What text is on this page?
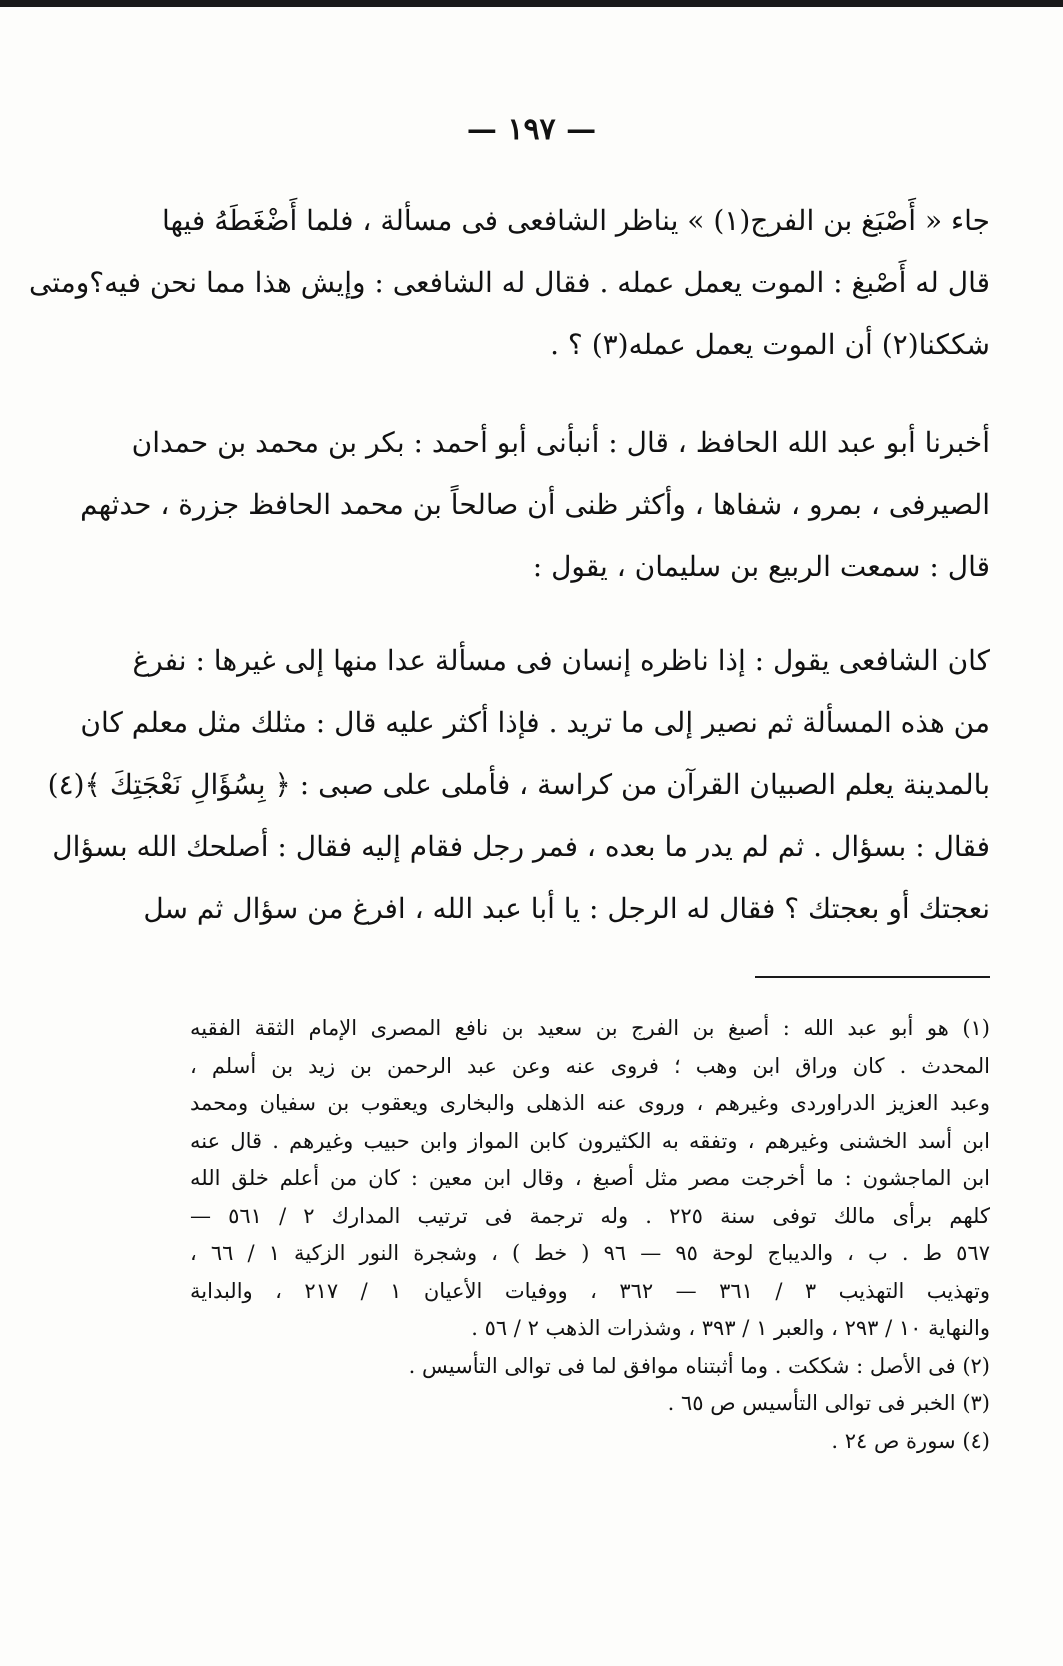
— ١٩٧ —
جاء « أَصْبَغ بن الفرج(١) » يناظر الشافعى فى مسألة ، فلما أَضْغَطَهُ فيها
قال له أَصْبغ : الموت يعمل عمله . فقال له الشافعى : وإيش هذا مما نحن فيه؟ومتى
شككنا(٢) أن الموت يعمل عمله(٣) ؟ .
أخبرنا أبو عبد الله الحافظ ، قال : أنبأنى أبو أحمد : بكر بن محمد بن حمدان
الصيرفى ، بمرو ، شفاها ، وأكثر ظنى أن صالحاً بن محمد الحافظ جزرة ، حدثهم
قال : سمعت الربيع بن سليمان ، يقول :
كان الشافعى يقول : إذا ناظره إنسان فى مسألة عدا منها إلى غيرها : نفرغ
من هذه المسألة ثم نصير إلى ما تريد . فإذا أكثر عليه قال : مثلك مثل معلم كان
بالمدينة يعلم الصبيان القرآن من كراسة ، فأملى على صبى : ﴿ بِسُؤَالِ نَعْجَتِكَ ﴾(٤)
فقال : بسؤال . ثم لم يدر ما بعده ، فمر رجل فقام إليه فقال : أصلحك الله بسؤال
نعجتك أو بعجتك ؟ فقال له الرجل : يا أبا عبد الله ، افرغ من سؤال ثم سل
(١) هو أبو عبد الله : أصبغ بن الفرج بن سعيد بن نافع المصرى الإمام الثقة الفقيه
المحدث . كان وراق ابن وهب ؛ فروى عنه وعن عبد الرحمن بن زيد بن أسلم ،
وعبد العزيز الدراوردى وغيرهم ، وروى عنه الذهلى والبخارى ويعقوب بن سفيان ومحمد
ابن أسد الخشنى وغيرهم ، وتفقه به الكثيرون كابن المواز وابن حبيب وغيرهم . قال عنه
ابن الماجشون : ما أخرجت مصر مثل أصبغ ، وقال ابن معين : كان من أعلم خلق الله
كلهم برأى مالك توفى سنة ٢٢٥ . وله ترجمة فى ترتيب المدارك ٢ / ٥٦١ —
٥٦٧ ط . ب ، والديباج لوحة ٩٥ — ٩٦ ( خط ) ، وشجرة النور الزكية ١ / ٦٦ ،
وتهذيب التهذيب ٣ / ٣٦١ — ٣٦٢ ، ووفيات الأعيان ١ / ٢١٧ ، والبداية
والنهاية ١٠ / ٢٩٣ ، والعبر ١ / ٣٩٣ ، وشذرات الذهب ٢ / ٥٦ .
(٢) فى الأصل : شككت . وما أثبتناه موافق لما فى توالى التأسيس .
(٣) الخبر فى توالى التأسيس ص ٦٥ .
(٤) سورة ص ٢٤ .
